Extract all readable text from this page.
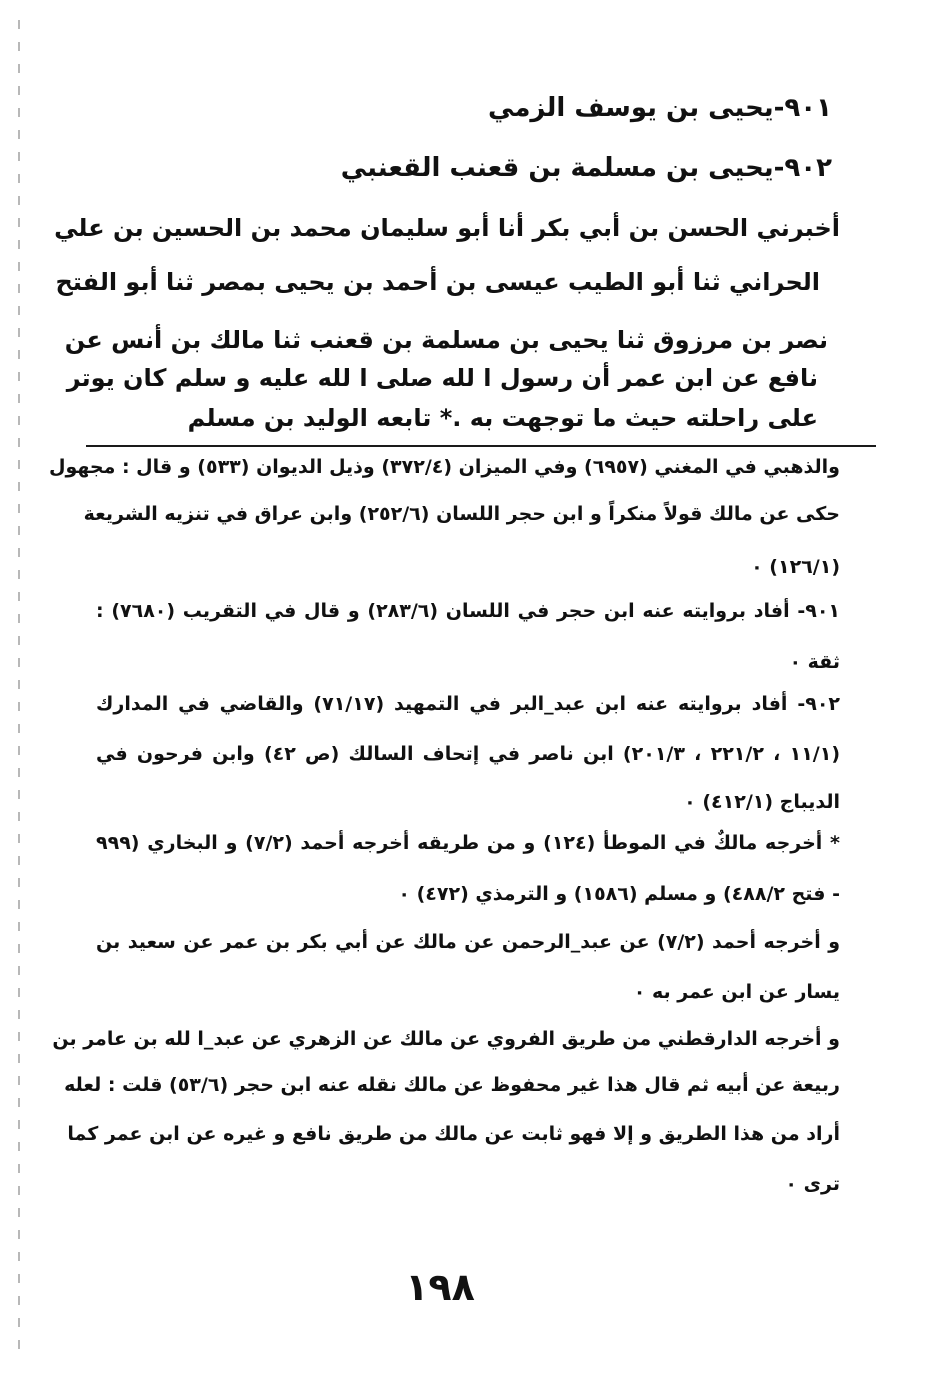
٩٠١-يحيى بن يوسف الزمي
٩٠٢-يحيى بن مسلمة بن قعنب القعنبي
أخبرني الحسن بن أبي بكر أنا أبو سليمان محمد بن الحسين بن علي
الحراني ثنا أبو الطيب عيسى بن أحمد بن يحيى بمصر ثنا أبو الفتح
نصر بن مرزوق ثنا يحيى بن مسلمة بن قعنب ثنا مالك بن أنس عن
نافع عن ابن عمر أن رسول ا لله صلى ا لله عليه و سلم كان يوتر
على راحلته حيث ما توجهت به .* تابعه الوليد بن مسلم
والذهبي في المغني (٦٩٥٧) وفي الميزان (٣٧٢/٤) وذيل الديوان (٥٣٣) و قال : مجهول
حكى عن مالك قولاً منكراً و ابن حجر اللسان (٢٥٢/٦) وابن عراق في تنزيه الشريعة
(١٢٦/١) ٠
٩٠١- أفاد بروايته عنه ابن حجر في اللسان (٢٨٣/٦) و قال في التقريب (٧٦٨٠) :
ثقة ٠
٩٠٢- أفاد بروايته عنه ابن عبد_البر في التمهيد (٧١/١٧) والقاضي في المدارك
(١١/١ ، ٢٢١/٢ ، ٢٠١/٣) ابن ناصر في إتحاف السالك (ص ٤٢) وابن فرحون في
الديباج (٤١٢/١) ٠
* أخرجه مالكٌ في الموطأ (١٢٤) و من طريقه أخرجه أحمد (٧/٢) و البخاري (٩٩٩
- فتح ٤٨٨/٢) و مسلم (١٥٨٦) و الترمذي (٤٧٢) ٠
و أخرجه أحمد (٧/٢) عن عبد_الرحمن عن مالك عن أبي بكر بن عمر عن سعيد بن
يسار عن ابن عمر به ٠
و أخرجه الدارقطني من طريق الفروي عن مالك عن الزهري عن عبد_ا لله بن عامر بن
ربيعة عن أبيه ثم قال هذا غير محفوظ عن مالك نقله عنه ابن حجر (٥٣/٦) قلت : لعله
أراد من هذا الطريق و إلا فهو ثابت عن مالك من طريق نافع و غيره عن ابن عمر كما
ترى ٠
١٩٨
